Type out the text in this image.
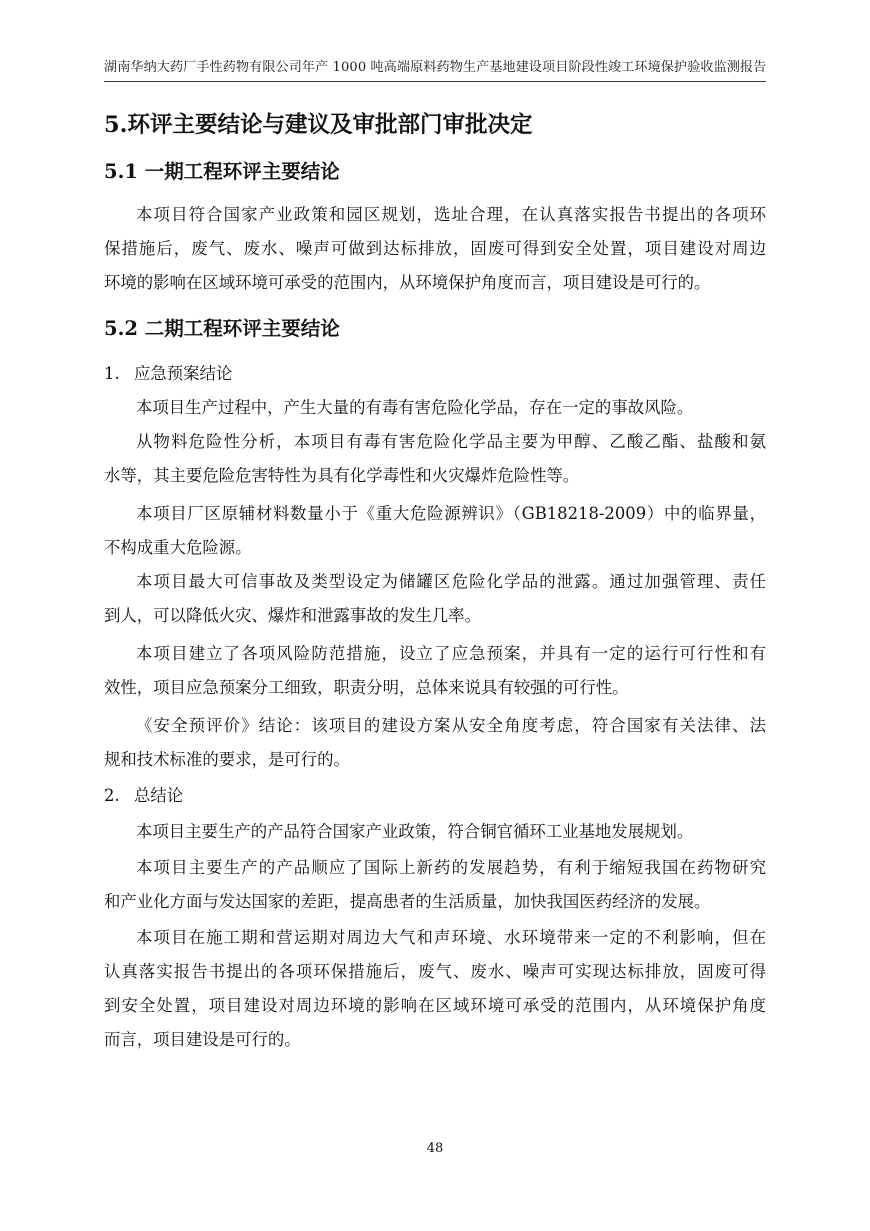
湖南华纳大药厂手性药物有限公司年产 1000 吨高端原料药物生产基地建设项目阶段性竣工环境保护验收监测报告
5.环评主要结论与建议及审批部门审批决定
5.1 一期工程环评主要结论
本项目符合国家产业政策和园区规划，选址合理，在认真落实报告书提出的各项环
保措施后，废气、废水、噪声可做到达标排放，固废可得到安全处置，项目建设对周边
环境的影响在区域环境可承受的范围内，从环境保护角度而言，项目建设是可行的。
5.2 二期工程环评主要结论
1. 应急预案结论
本项目生产过程中，产生大量的有毒有害危险化学品，存在一定的事故风险。
从物料危险性分析，本项目有毒有害危险化学品主要为甲醇、乙酸乙酯、盐酸和氨
水等，其主要危险危害特性为具有化学毒性和火灾爆炸危险性等。
本项目厂区原辅材料数量小于《重大危险源辨识》（GB18218-2009）中的临界量，
不构成重大危险源。
本项目最大可信事故及类型设定为储罐区危险化学品的泄露。通过加强管理、责任
到人，可以降低火灾、爆炸和泄露事故的发生几率。
本项目建立了各项风险防范措施，设立了应急预案，并具有一定的运行可行性和有
效性，项目应急预案分工细致，职责分明，总体来说具有较强的可行性。
《安全预评价》结论：该项目的建设方案从安全角度考虑，符合国家有关法律、法
规和技术标准的要求，是可行的。
2. 总结论
本项目主要生产的产品符合国家产业政策，符合铜官循环工业基地发展规划。
本项目主要生产的产品顺应了国际上新药的发展趋势，有利于缩短我国在药物研究
和产业化方面与发达国家的差距，提高患者的生活质量，加快我国医药经济的发展。
本项目在施工期和营运期对周边大气和声环境、水环境带来一定的不利影响，但在
认真落实报告书提出的各项环保措施后，废气、废水、噪声可实现达标排放，固废可得
到安全处置，项目建设对周边环境的影响在区域环境可承受的范围内，从环境保护角度
而言，项目建设是可行的。
48
